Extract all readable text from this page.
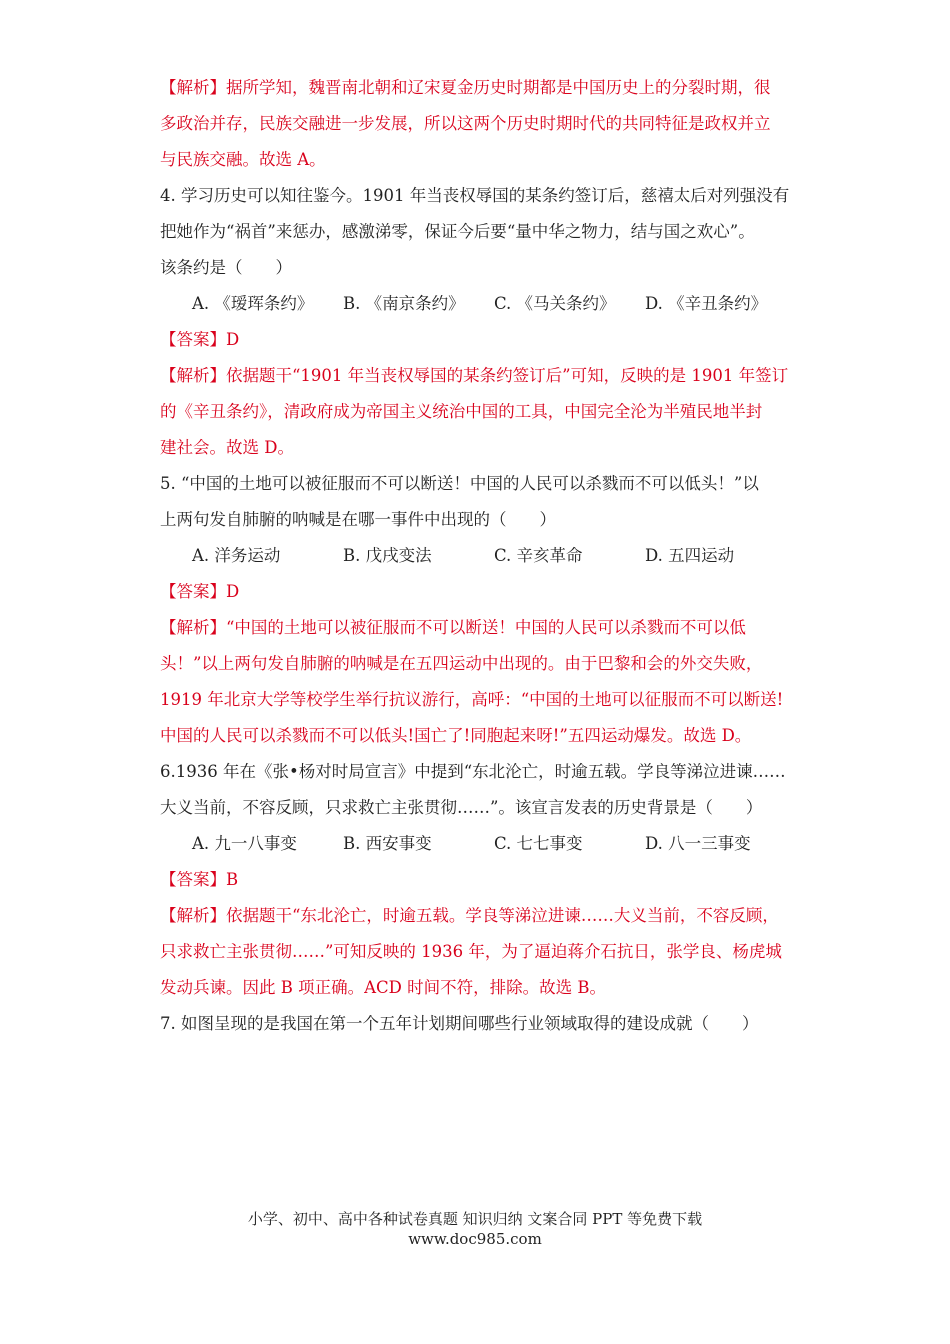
【解析】据所学知，魏晋南北朝和辽宋夏金历史时期都是中国历史上的分裂时期，很
多政治并存，民族交融进一步发展，所以这两个历史时期时代的共同特征是政权并立
与民族交融。故选 A。
4. 学习历史可以知往鉴今。1901 年当丧权辱国的某条约签订后，慈禧太后对列强没有
把她作为“祸首”来惩办，感激涕零，保证今后要“量中华之物力，结与国之欢心”。
该条约是（　　）
A. 《瑷珲条约》	B. 《南京条约》	C. 《马关条约》	D. 《辛丑条约》
【答案】D
【解析】依据题干“1901 年当丧权辱国的某条约签订后”可知，反映的是 1901 年签订
的《辛丑条约》，清政府成为帝国主义统治中国的工具，中国完全沦为半殖民地半封
建社会。故选 D。
5. “中国的土地可以被征服而不可以断送！中国的人民可以杀戮而不可以低头！”以
上两句发自肺腑的呐喊是在哪一事件中出现的（　　）
A. 洋务运动	B. 戊戌变法	C. 辛亥革命	D. 五四运动
【答案】D
【解析】“中国的土地可以被征服而不可以断送！中国的人民可以杀戮而不可以低
头！”以上两句发自肺腑的呐喊是在五四运动中出现的。由于巴黎和会的外交失败，
1919 年北京大学等校学生举行抗议游行，高呼：“中国的土地可以征服而不可以断送!
中国的人民可以杀戮而不可以低头!国亡了!同胞起来呀!”五四运动爆发。故选 D。
6.1936 年在《张•杨对时局宣言》中提到“东北沦亡，时逾五载。学良等涕泣进谏……
大义当前，不容反顾，只求救亡主张贯彻……”。该宣言发表的历史背景是（　　）
A. 九一八事变	B. 西安事变	C. 七七事变	D. 八一三事变
【答案】B
【解析】依据题干“东北沦亡，时逾五载。学良等涕泣进谏……大义当前，不容反顾，
只求救亡主张贯彻……”可知反映的 1936 年，为了逼迫蒋介石抗日，张学良、杨虎城
发动兵谏。因此 B 项正确。ACD 时间不符，排除。故选 B。
7. 如图呈现的是我国在第一个五年计划期间哪些行业领域取得的建设成就（　　）
小学、初中、高中各种试卷真题 知识归纳 文案合同 PPT 等免费下载
www.doc985.com
